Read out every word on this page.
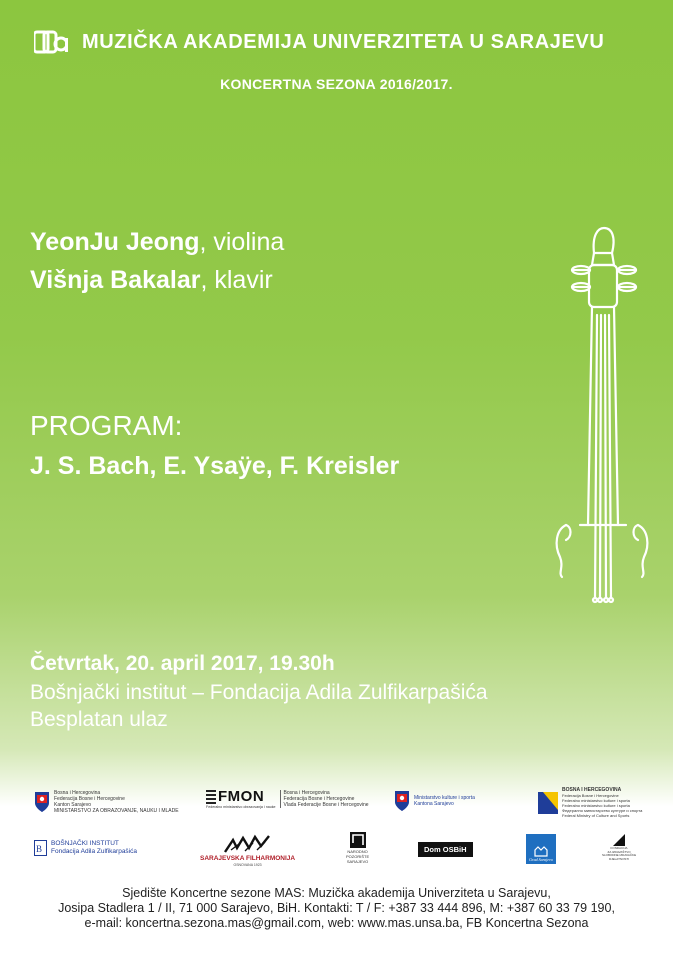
MUZIČKA AKADEMIJA UNIVERZITETA U SARAJEVU
KONCERTNA SEZONA 2016/2017.
YeonJu Jeong, violina
Višnja Bakalar, klavir
PROGRAM:
J. S. Bach, E. Ysaÿe, F. Kreisler
Četvrtak, 20. april 2017, 19.30h
Bošnjački institut – Fondacija Adila Zulfikarpašića
Besplatan ulaz
Bosna i Hercegovina
Federacija Bosne i Hercegovine
Kanton Sarajevo
MINISTARSTVO ZA OBRAZOVANJE, NAUKU I MLADE
FMON
Federalno ministarstvo obrazovanja i nauke
Bosna i Hercegovina
Federacija Bosne i Hercegovine
Vlada Federacije Bosne i Hercegovine
Ministarstvo kulture i sporta
Kantona Sarajevo
BOSNA I HERCEGOVINA
Federacija Bosne i Hercegovine
Federalno ministarstvo kulture i sporta
Federalno ministarstvo kulture i sporta
Федерално министарство културе и спорта
Federal Ministry of Culture and Sports
B
BOŠNJAČKI INSTITUT
Fondacija Adila Zulfikarpašića
SARAJEVSKA FILHARMONIJA
OSNOVANA 1923
NARODNO
POZORIŠTE
SARAJEVO
Dom OSBiH
Grad Sarajevo
FONDACIJA
ZA IZDAVAŠTVO
SLOBODNE IZDAVAČKE
DJELATNOSTI
Sjedište Koncertne sezone MAS: Muzička akademija Univerziteta u Sarajevu,
Josipa Stadlera 1 / II, 71 000 Sarajevo, BiH. Kontakti: T / F: +387 33 444 896, M: +387 60 33 79 190,
e-mail: koncertna.sezona.mas@gmail.com, web: www.mas.unsa.ba, FB Koncertna Sezona
